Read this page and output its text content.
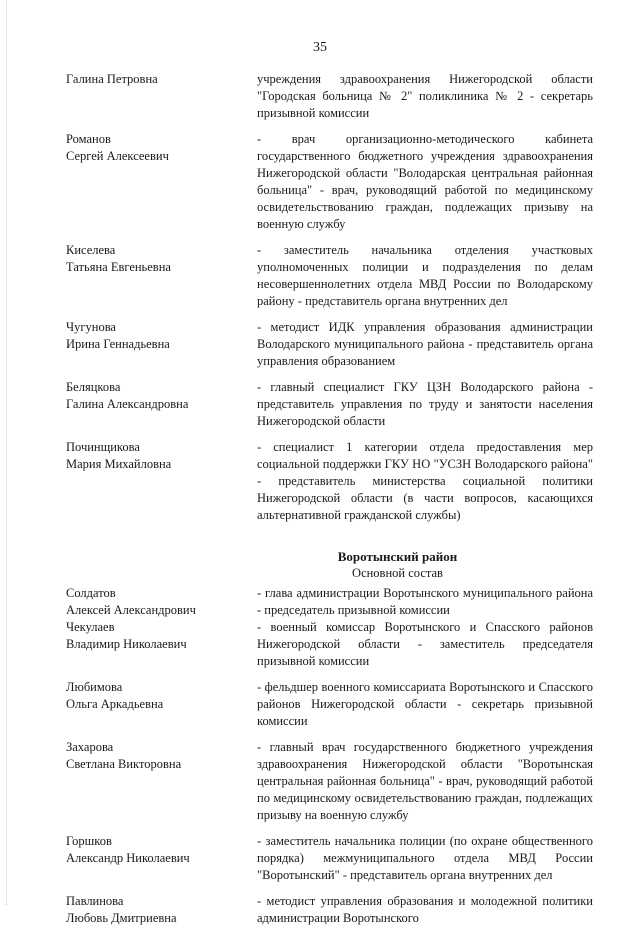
35
Галина Петровна	учреждения здравоохранения Нижегородской области "Городская больница № 2" поликлиника № 2 - секретарь призывной комиссии
Романов
Сергей Алексеевич
- врач организационно-методического кабинета государственного бюджетного учреждения здравоохранения Нижегородской области "Володарская центральная районная больница" - врач, руководящий работой по медицинскому освидетельствованию граждан, подлежащих призыву на военную службу
Киселева
Татьяна Евгеньевна
- заместитель начальника отделения участковых уполномоченных полиции и подразделения по делам несовершеннолетних отдела МВД России по Володарскому району - представитель органа внутренних дел
Чугунова
Ирина Геннадьевна
- методист ИДК управления образования администрации Володарского муниципального района - представитель органа управления образованием
Беляцкова
Галина Александровна
- главный специалист ГКУ ЦЗН Володарского района - представитель управления по труду и занятости населения Нижегородской области
Починщикова
Мария Михайловна
- специалист 1 категории отдела предоставления мер социальной поддержки ГКУ НО "УСЗН Володарского района" - представитель министерства социальной политики Нижегородской области (в части вопросов, касающихся альтернативной гражданской службы)
Воротынский район
Основной состав
Солдатов
Алексей Александрович
- глава администрации Воротынского муниципального района - председатель призывной комиссии
Чекулаев
Владимир Николаевич
- военный комиссар Воротынского и Спасского районов Нижегородской области - заместитель председателя призывной комиссии
Любимова
Ольга Аркадьевна
- фельдшер военного комиссариата Воротынского и Спасского районов Нижегородской области - секретарь призывной комиссии
Захарова
Светлана Викторовна
- главный врач государственного бюджетного учреждения здравоохранения Нижегородской области "Воротынская центральная районная больница" - врач, руководящий работой по медицинскому освидетельствованию граждан, подлежащих призыву на военную службу
Горшков
Александр Николаевич
- заместитель начальника полиции (по охране общественного порядка) межмуниципального отдела МВД России "Воротынский" - представитель органа внутренних дел
Павлинова
Любовь Дмитриевна
- методист управления образования и молодежной политики администрации Воротынского
